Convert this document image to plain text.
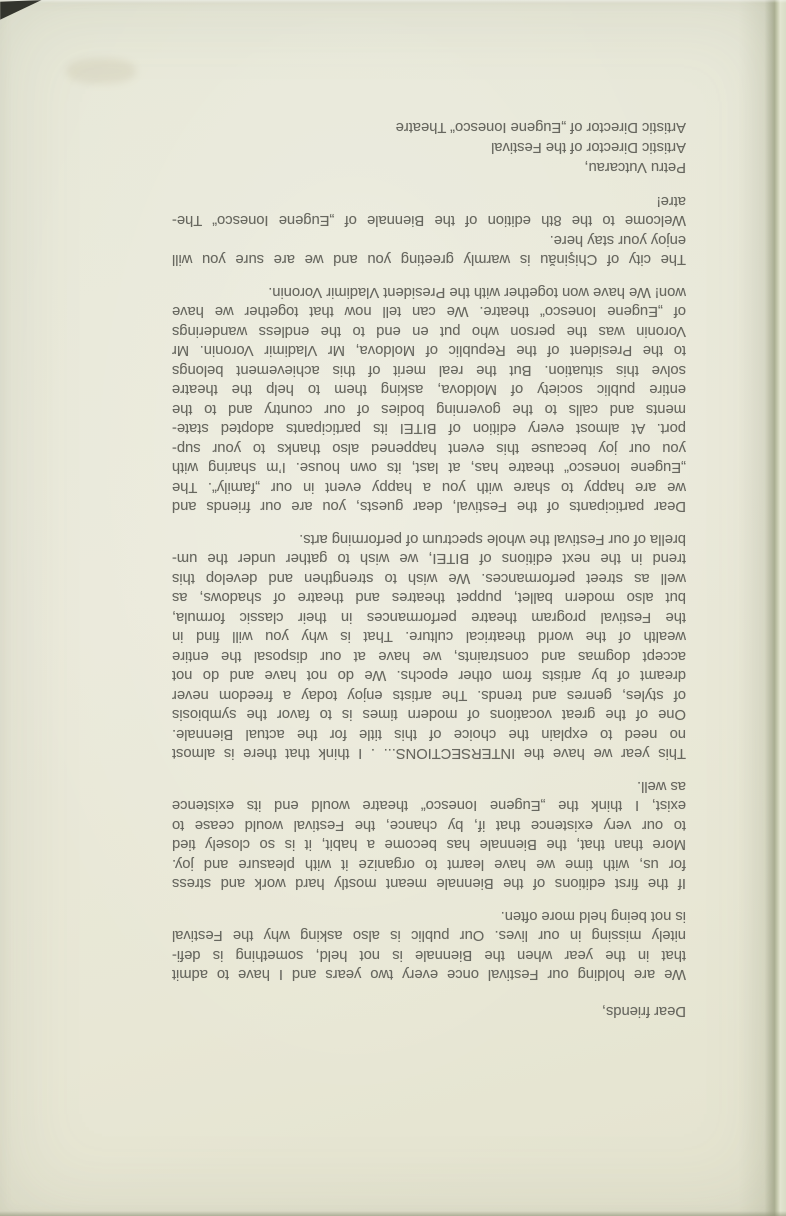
Dear friends,
We are holding our Festival once every two years and I have to admit
that in the year when the Biennale is not held, something is defi-
nitely missing in our lives. Our public is also asking why the Festival
is not being held more often.
If the first editions of the Biennale meant mostly hard work and stress
for us, with time we have learnt to organize it with pleasure and joy.
More than that, the Biennale has become a habit, it is so closely tied
to our very existence that if, by chance, the Festival would cease to
exist, I think the „Eugene Ionesco“ theatre would end its existence
as well.
This year we have the INTERSECTIONS... . I think that there is almost
no need to explain the choice of this title for the actual Biennale.
One of the great vocations of modern times is to favor the symbiosis
of styles, genres and trends. The artists enjoy today a freedom never
dreamt of by artists from other epochs. We do not have and do not
accept dogmas and constraints, we have at our disposal the entire
wealth of the world theatrical culture. That is why you will find in
the Festival program theatre performances in their classic formula,
but also modern ballet, puppet theatres and theatre of shadows, as
well as street performances. We wish to strengthen and develop this
trend in the next editions of BITEI, we wish to gather under the um-
brella of our Festival the whole spectrum of performing arts.
Dear participants of the Festival, dear guests, you are our friends and
we are happy to share with you a happy event in our „family“. The
„Eugene Ionesco“ theatre has, at last, its own house. I’m sharing with
you our joy because this event happened also thanks to your sup-
port. At almost every edition of BITEI its participants adopted state-
ments and calls to the governing bodies of our country and to the
entire public society of Moldova, asking them to help the theatre
solve this situation. But the real merit of this achievement belongs
to the President of the Republic of Moldova, Mr Vladimir Voronin. Mr
Voronin was the person who put en end to the endless wanderings
of „Eugene Ionesco“ theatre. We can tell now that together we have
won! We have won together with the President Vladimir Voronin.
The city of Chişinău is warmly greeting you and we are sure you will
enjoy your stay here.
Welcome to the 8th edition of the Biennale of „Eugene Ionesco“ The-
atre!
Petru Vutcarau,
Artistic Director of the Festival
Artistic Director of „Eugene Ionesco“ Theatre
